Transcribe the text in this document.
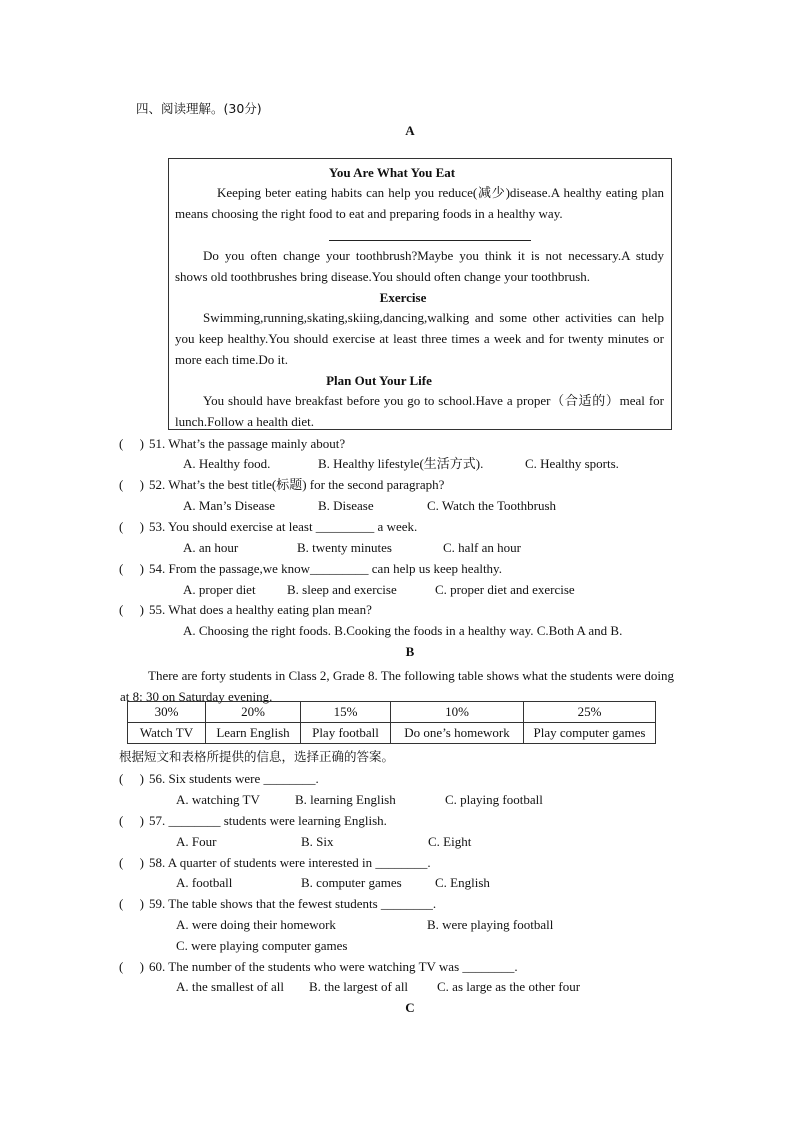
四、阅读理解。(30分)
A
You Are What You Eat
Keeping beter eating habits can help you reduce(减少)disease.A healthy eating plan means choosing the right food to eat and preparing foods in a healthy way.
Do you often change your toothbrush?Maybe you think it is not necessary.A study shows old toothbrushes bring disease.You should often change your toothbrush.
Exercise
Swimming,running,skating,skiing,dancing,walking and some other activities can help you keep healthy.You should exercise at least three times a week and for twenty minutes or more each time.Do it.
Plan Out Your Life
You should have breakfast before you go to school.Have a proper（合适的）meal for lunch.Follow a health diet.
(　 ) 51. What’s the passage mainly about?
A. Healthy food.	B. Healthy lifestyle(生活方式).	C. Healthy sports.
(　 ) 52. What’s the best title(标题) for the second paragraph?
A. Man’s Disease	B. Disease	C. Watch the Toothbrush
(　 ) 53. You should exercise at least _________ a week.
A. an hour	B. twenty minutes	C. half an hour
(　 ) 54. From the passage,we know_________ can help us keep healthy.
A. proper diet B. sleep and exercise	C. proper diet and exercise
(　 ) 55. What does a healthy eating plan mean?
A. Choosing the right foods. B.Cooking the foods in a healthy way. C.Both A and B.
B
There are forty students in Class 2, Grade 8. The following table shows what the students were doing at 8: 30 on Saturday evening.
30%	20%	15%	10%	25%
Watch TV	Learn English	Play football	Do one’s homework	Play computer games
根据短文和表格所提供的信息，选择正确的答案。
(　 ) 56. Six students were ________.
A. watching TV	B. learning English	C. playing football
(　 ) 57. ________ students were learning English.
A. Four	B. Six	C. Eight
(　 ) 58. A quarter of students were interested in ________.
A. football	B. computer games	C. English
(　 ) 59. The table shows that the fewest students ________.
A. were doing their homework	B. were playing football
C. were playing computer games
(　 ) 60. The number of the students who were watching TV was ________.
A. the smallest of all B. the largest of all C. as large as the other four
C
